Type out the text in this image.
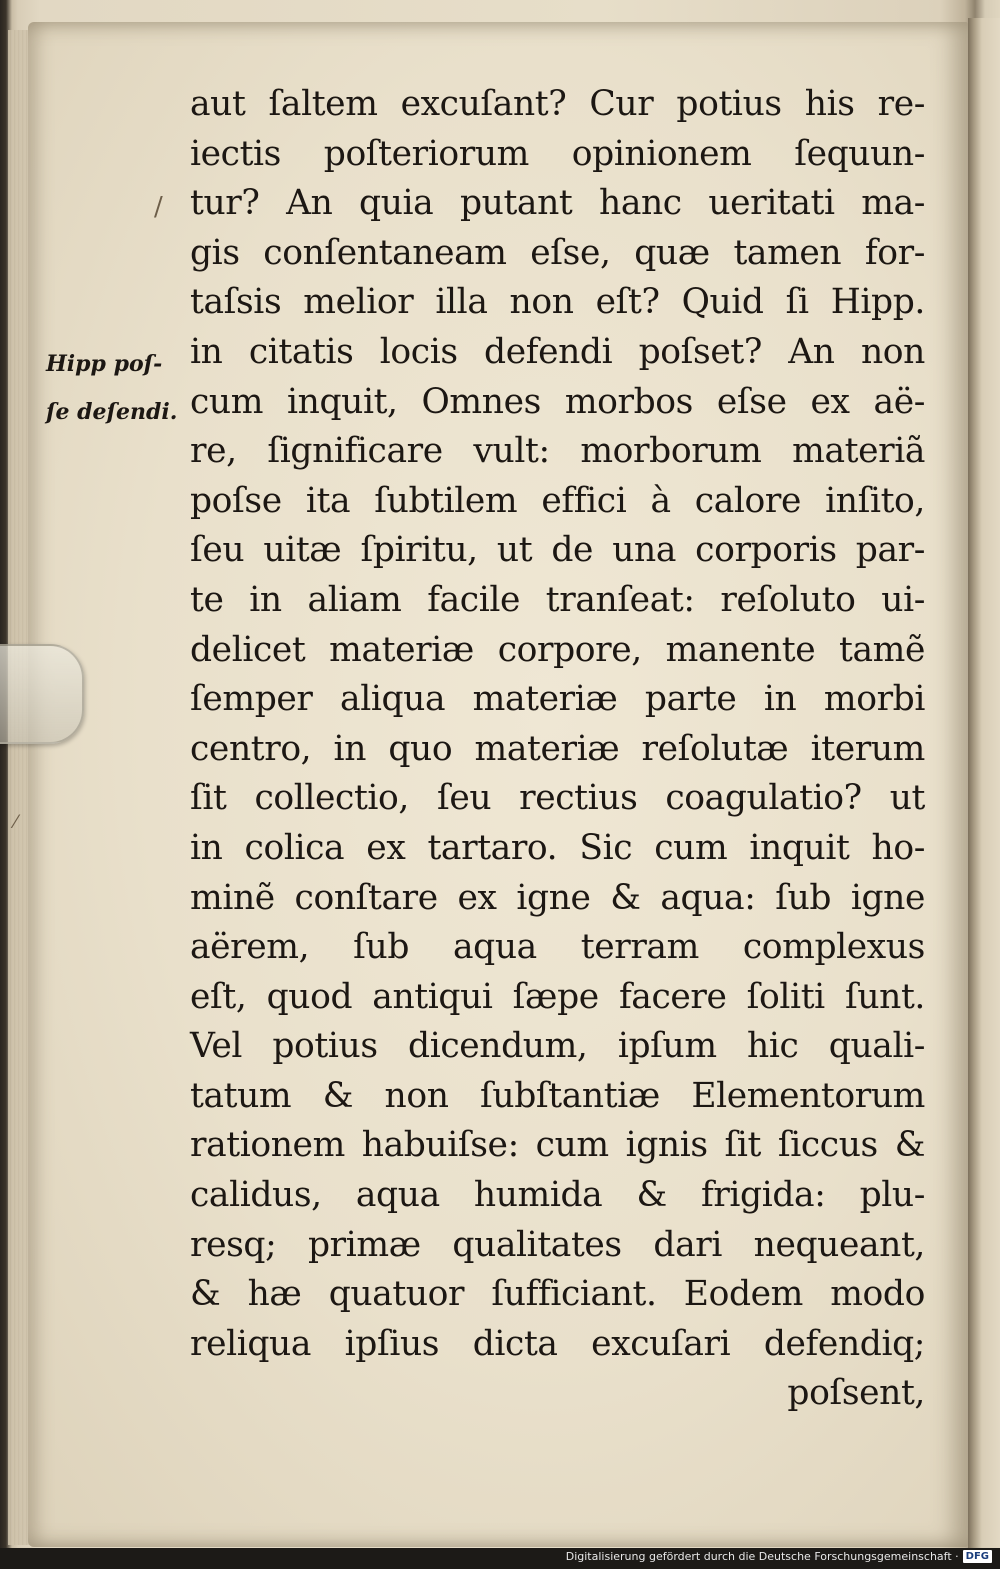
/
⁄
Hipp poſ-
ſe deſendi.
aut ſaltem excuſant? Cur potius his re-
iectis poſteriorum opinionem ſequun-
tur? An quia putant hanc ueritati ma-
gis conſentaneam eſse, quæ tamen for-
taſsis melior illa non eſt? Quid ſi Hipp.
in citatis locis defendi poſset? An non
cum inquit, Omnes morbos eſse ex aë-
re, ſignificare vult: morborum materiã
poſse ita ſubtilem effici à calore inſito,
ſeu uitæ ſpiritu, ut de una corporis par-
te in aliam facile tranſeat: reſoluto ui-
delicet materiæ corpore, manente tamẽ
ſemper aliqua materiæ parte in morbi
centro, in quo materiæ reſolutæ iterum
ſit collectio, ſeu rectius coagulatio? ut
in colica ex tartaro. Sic cum inquit ho-
minẽ conſtare ex igne & aqua: ſub igne
aërem, ſub aqua terram complexus
eſt, quod antiqui ſæpe facere ſoliti ſunt.
Vel potius dicendum, ipſum hic quali-
tatum & non ſubſtantiæ Elementorum
rationem habuiſse: cum ignis ſit ſiccus &
calidus, aqua humida & frigida: plu-
resq; primæ qualitates dari nequeant,
& hæ quatuor ſufficiant. Eodem modo
reliqua ipſius dicta excuſari defendiq;
poſsent,
Digitalisierung gefördert durch die Deutsche Forschungsgemeinschaft · DFG
